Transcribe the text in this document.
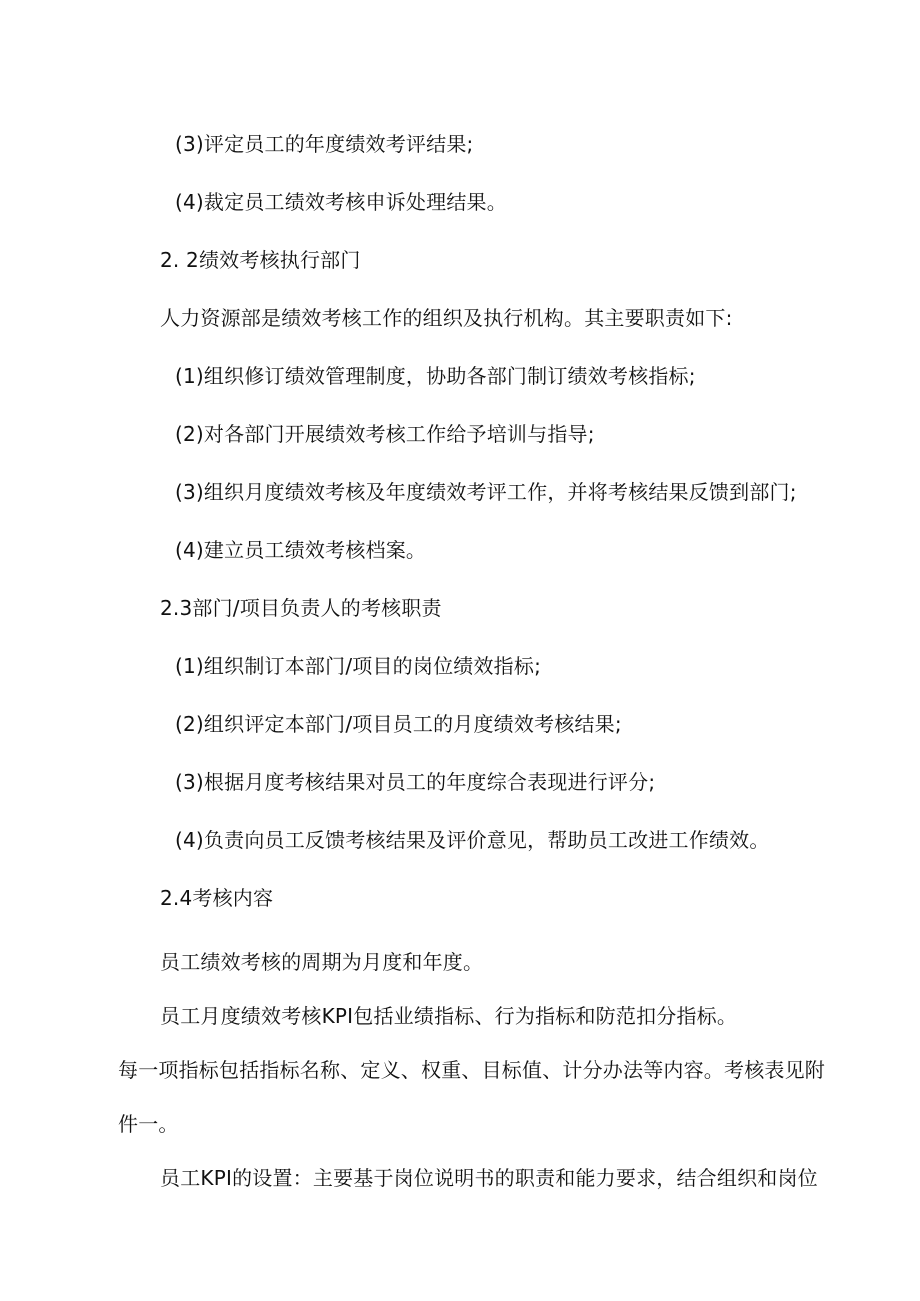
(3)评定员工的年度绩效考评结果;
(4)裁定员工绩效考核申诉处理结果。
2. 2绩效考核执行部门
人力资源部是绩效考核工作的组织及执行机构。其主要职责如下:
(1)组织修订绩效管理制度，协助各部门制订绩效考核指标;
(2)对各部门开展绩效考核工作给予培训与指导;
(3)组织月度绩效考核及年度绩效考评工作，并将考核结果反馈到部门;
(4)建立员工绩效考核档案。
2.3部门/项目负责人的考核职责
(1)组织制订本部门/项目的岗位绩效指标;
(2)组织评定本部门/项目员工的月度绩效考核结果;
(3)根据月度考核结果对员工的年度综合表现进行评分;
(4)负责向员工反馈考核结果及评价意见，帮助员工改进工作绩效。
2.4考核内容
员工绩效考核的周期为月度和年度。
员工月度绩效考核KPI包括业绩指标、行为指标和防范扣分指标。
每一项指标包括指标名称、定义、权重、目标值、计分办法等内容。考核表见附
件一。
员工KPI的设置：主要基于岗位说明书的职责和能力要求，结合组织和岗位
